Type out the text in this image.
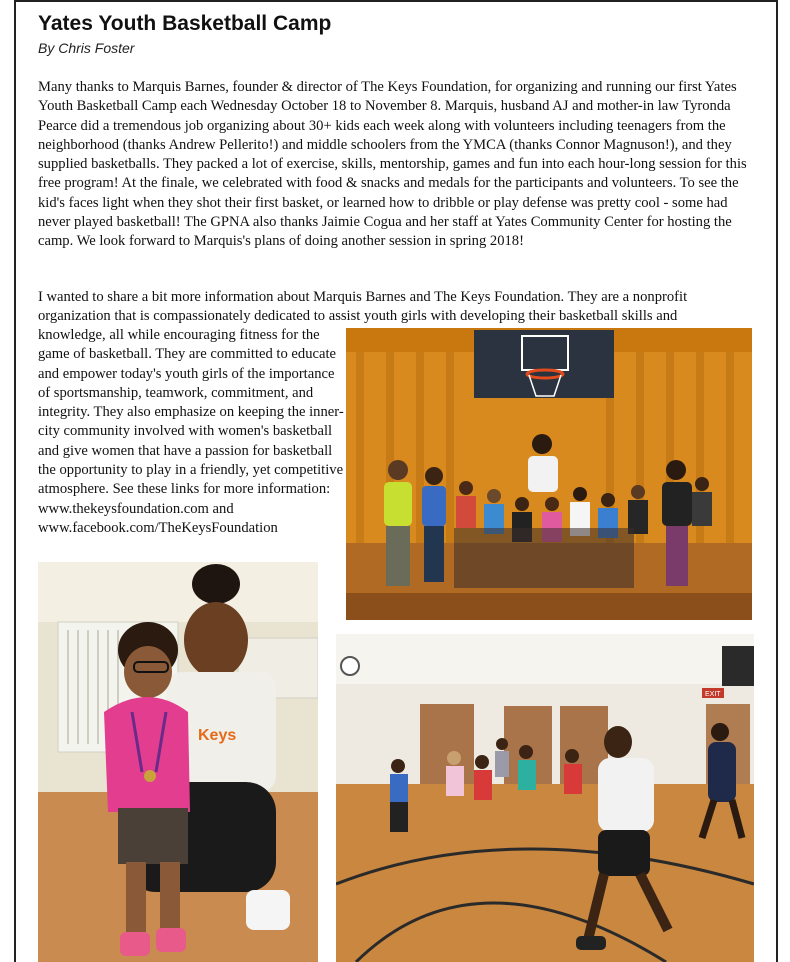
Yates Youth Basketball Camp
By Chris Foster

Many thanks to Marquis Barnes, founder & director of The Keys Foundation, for organizing and running our first Yates Youth Basketball Camp each Wednesday October 18 to November 8. Marquis, husband AJ and mother-in law Tyronda Pearce did a tremendous job organizing about 30+ kids each week along with volunteers including teenagers from the neighborhood (thanks Andrew Pellerito!) and middle schoolers from the YMCA (thanks Connor Magnuson!), and they supplied basketballs. They packed a lot of exercise, skills, mentorship, games and fun into each hour-long session for this free program! At the finale, we celebrated with food & snacks and medals for the participants and volunteers. To see the kid's faces light when they shot their first basket, or learned how to dribble or play defense was pretty cool - some had never played basketball! The GPNA also thanks Jaimie Cogua and her staff at Yates Community Center for hosting the camp. We look forward to Marquis's plans of doing another session in spring 2018!

I wanted to share a bit more information about Marquis Barnes and The Keys Foundation. They are a nonprofit organization that is compassionately dedicated to assist youth girls with developing their basketball skills and

knowledge, all while encouraging fitness for the game of basketball. They are committed to educate and empower today's youth girls of the importance of sportsmanship, teamwork, commitment, and integrity. They also emphasize on keeping the inner-city community involved with women's basketball and give women that have a passion for basketball the opportunity to play in a friendly, yet competitive atmosphere. See these links for more information: www.thekeysfoundation.com and www.facebook.com/TheKeysFoundation

Keys
EXIT
